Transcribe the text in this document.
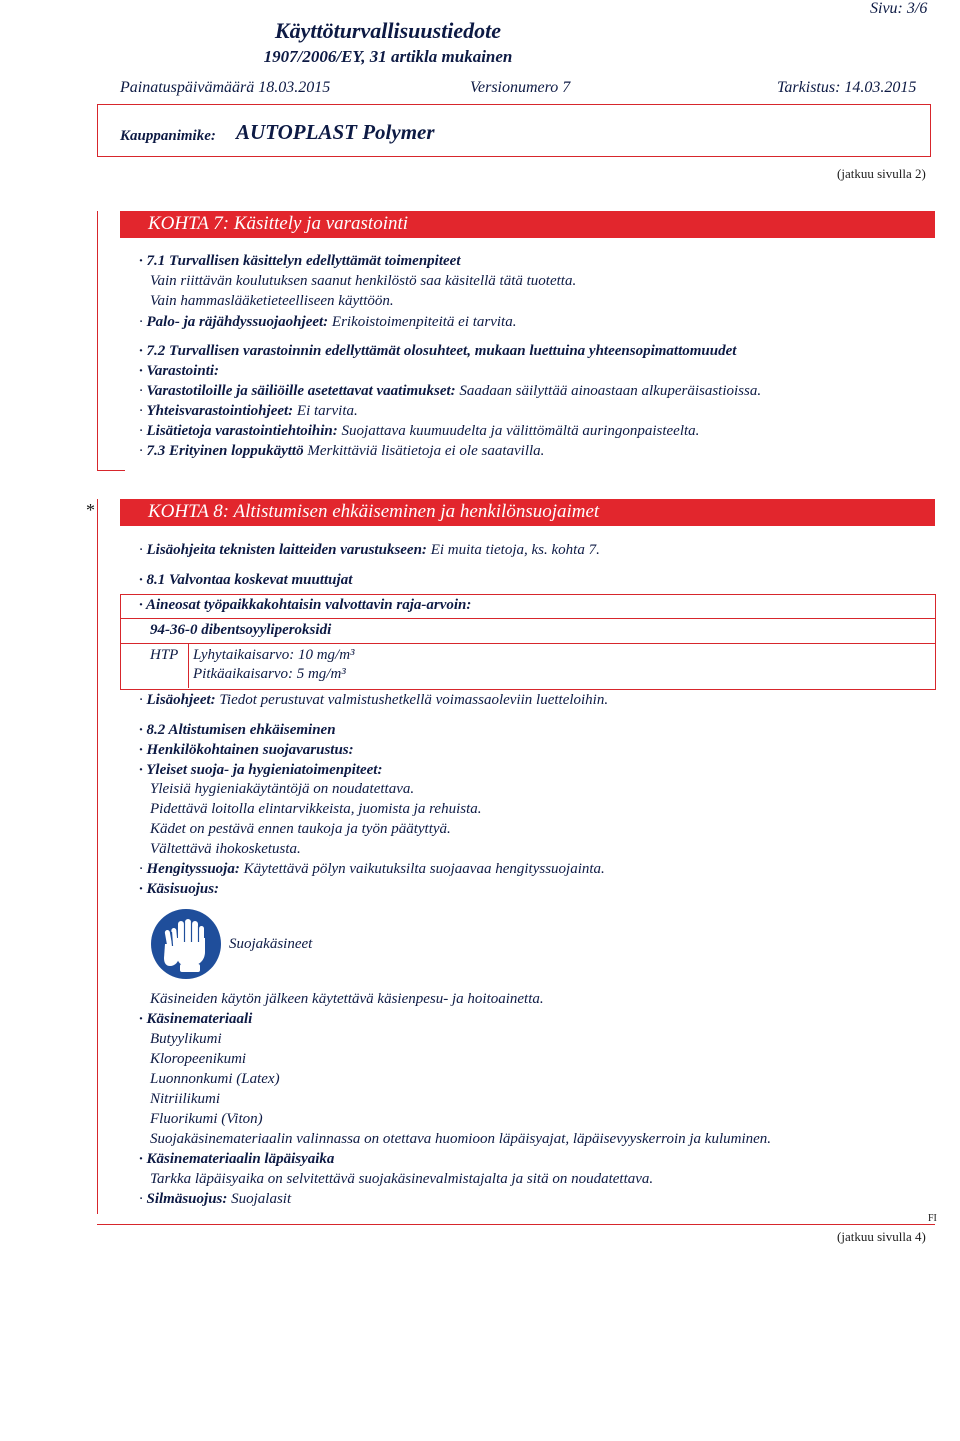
Sivu: 3/6
Käyttöturvallisuustiedote
1907/2006/EY, 31 artikla mukainen
Painatuspäivämäärä 18.03.2015	Versionumero 7	Tarkistus: 14.03.2015
Kauppanimike: AUTOPLAST Polymer
(jatkuu sivulla 2)
KOHTA 7: Käsittely ja varastointi
· 7.1 Turvallisen käsittelyn edellyttämät toimenpiteet
Vain riittävän koulutuksen saanut henkilöstö saa käsitellä tätä tuotetta.
Vain hammaslääketieteelliseen käyttöön.
· Palo- ja räjähdyssuojaohjeet: Erikoistoimenpiteitä ei tarvita.
· 7.2 Turvallisen varastoinnin edellyttämät olosuhteet, mukaan luettuina yhteensopimattomuudet
· Varastointi:
· Varastotiloille ja säiliöille asetettavat vaatimukset: Saadaan säilyttää ainoastaan alkuperäisastioissa.
· Yhteisvarastointiohjeet: Ei tarvita.
· Lisätietoja varastointiehtoihin: Suojattava kuumuudelta ja välittömältä auringonpaisteelta.
· 7.3 Erityinen loppukäyttö Merkittäviä lisätietoja ei ole saatavilla.
*	KOHTA 8: Altistumisen ehkäiseminen ja henkilönsuojaimet
· Lisäohjeita teknisten laitteiden varustukseen: Ei muita tietoja, ks. kohta 7.
· 8.1 Valvontaa koskevat muuttujat
· Aineosat työpaikkakohtaisin valvottavin raja-arvoin:
94-36-0 dibentsoyyliperoksidi
HTP Lyhytaikaisarvo: 10 mg/m³
Pitkäaikaisarvo: 5 mg/m³
· Lisäohjeet: Tiedot perustuvat valmistushetkellä voimassaoleviin luetteloihin.
· 8.2 Altistumisen ehkäiseminen
· Henkilökohtainen suojavarustus:
· Yleiset suoja- ja hygieniatoimenpiteet:
Yleisiä hygieniakäytäntöjä on noudatettava.
Pidettävä loitolla elintarvikkeista, juomista ja rehuista.
Kädet on pestävä ennen taukoja ja työn päätyttyä.
Vältettävä ihokosketusta.
· Hengityssuoja: Käytettävä pölyn vaikutuksilta suojaavaa hengityssuojainta.
· Käsisuojus:
Suojakäsineet
Käsineiden käytön jälkeen käytettävä käsienpesu- ja hoitoainetta.
· Käsinemateriaali
Butyylikumi
Kloropeenikumi
Luonnonkumi (Latex)
Nitriilikumi
Fluorikumi (Viton)
Suojakäsinemateriaalin valinnassa on otettava huomioon läpäisyajat, läpäisevyyskerroin ja kuluminen.
· Käsinemateriaalin läpäisyaika
Tarkka läpäisyaika on selvitettävä suojakäsinevalmistajalta ja sitä on noudatettava.
· Silmäsuojus: Suojalasit
FI
(jatkuu sivulla 4)
